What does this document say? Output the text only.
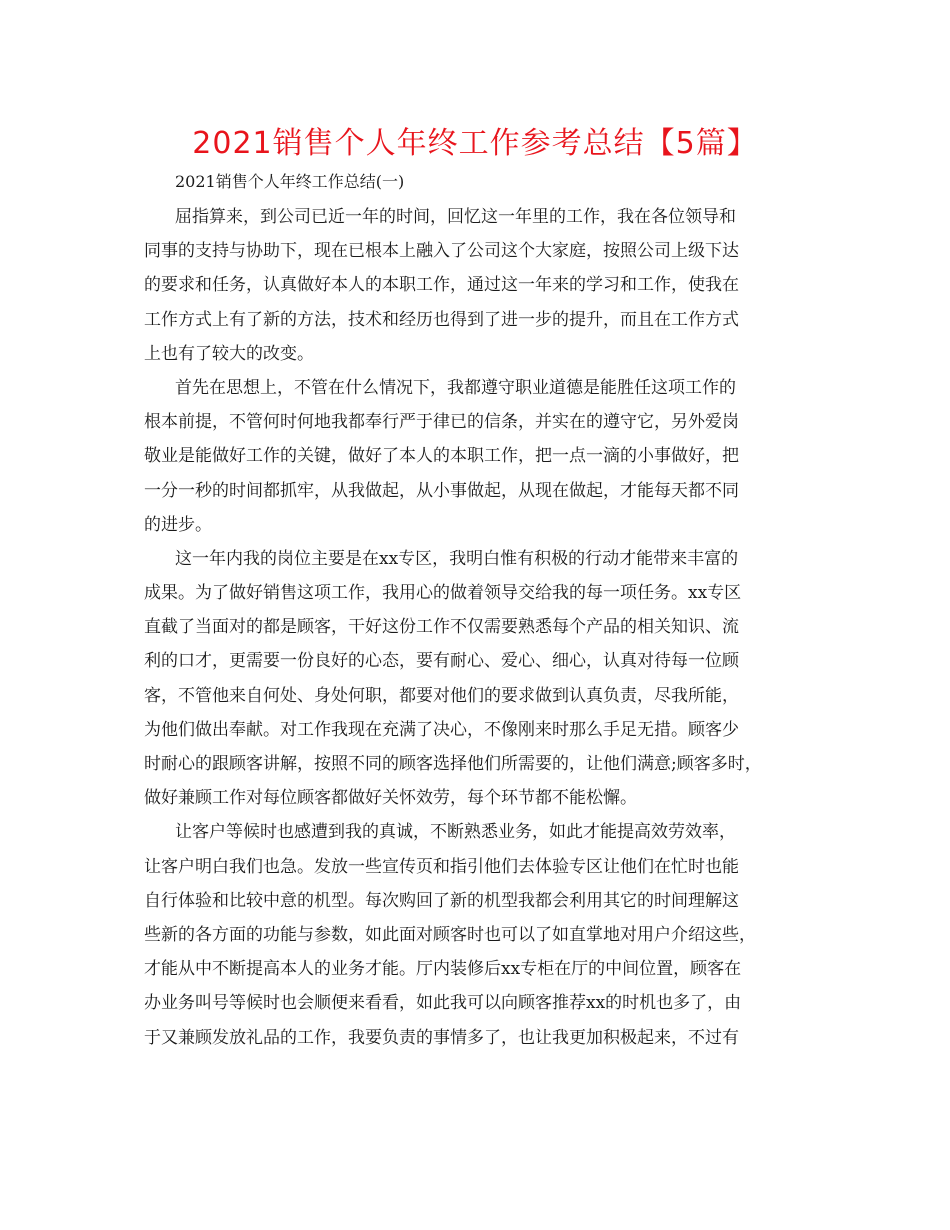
2021销售个人年终工作参考总结【5篇】
2021销售个人年终工作总结(一)
屈指算来，到公司已近一年的时间，回忆这一年里的工作，我在各位领导和
同事的支持与协助下，现在已根本上融入了公司这个大家庭，按照公司上级下达
的要求和任务，认真做好本人的本职工作，通过这一年来的学习和工作，使我在
工作方式上有了新的方法，技术和经历也得到了进一步的提升，而且在工作方式
上也有了较大的改变。
首先在思想上，不管在什么情况下，我都遵守职业道德是能胜任这项工作的
根本前提，不管何时何地我都奉行严于律已的信条，并实在的遵守它，另外爱岗
敬业是能做好工作的关键，做好了本人的本职工作，把一点一滴的小事做好，把
一分一秒的时间都抓牢，从我做起，从小事做起，从现在做起，才能每天都不同
的进步。
这一年内我的岗位主要是在xx专区，我明白惟有积极的行动才能带来丰富的
成果。为了做好销售这项工作，我用心的做着领导交给我的每一项任务。xx专区
直截了当面对的都是顾客，干好这份工作不仅需要熟悉每个产品的相关知识、流
利的口才，更需要一份良好的心态，要有耐心、爱心、细心，认真对待每一位顾
客，不管他来自何处、身处何职，都要对他们的要求做到认真负责，尽我所能，
为他们做出奉献。对工作我现在充满了决心，不像刚来时那么手足无措。顾客少
时耐心的跟顾客讲解，按照不同的顾客选择他们所需要的，让他们满意;顾客多时，
做好兼顾工作对每位顾客都做好关怀效劳，每个环节都不能松懈。
让客户等候时也感遭到我的真诚，不断熟悉业务，如此才能提高效劳效率，
让客户明白我们也急。发放一些宣传页和指引他们去体验专区让他们在忙时也能
自行体验和比较中意的机型。每次购回了新的机型我都会利用其它的时间理解这
些新的各方面的功能与参数，如此面对顾客时也可以了如直掌地对用户介绍这些，
才能从中不断提高本人的业务才能。厅内装修后xx专柜在厅的中间位置，顾客在
办业务叫号等候时也会顺便来看看，如此我可以向顾客推荐xx的时机也多了，由
于又兼顾发放礼品的工作，我要负责的事情多了，也让我更加积极起来，不过有
